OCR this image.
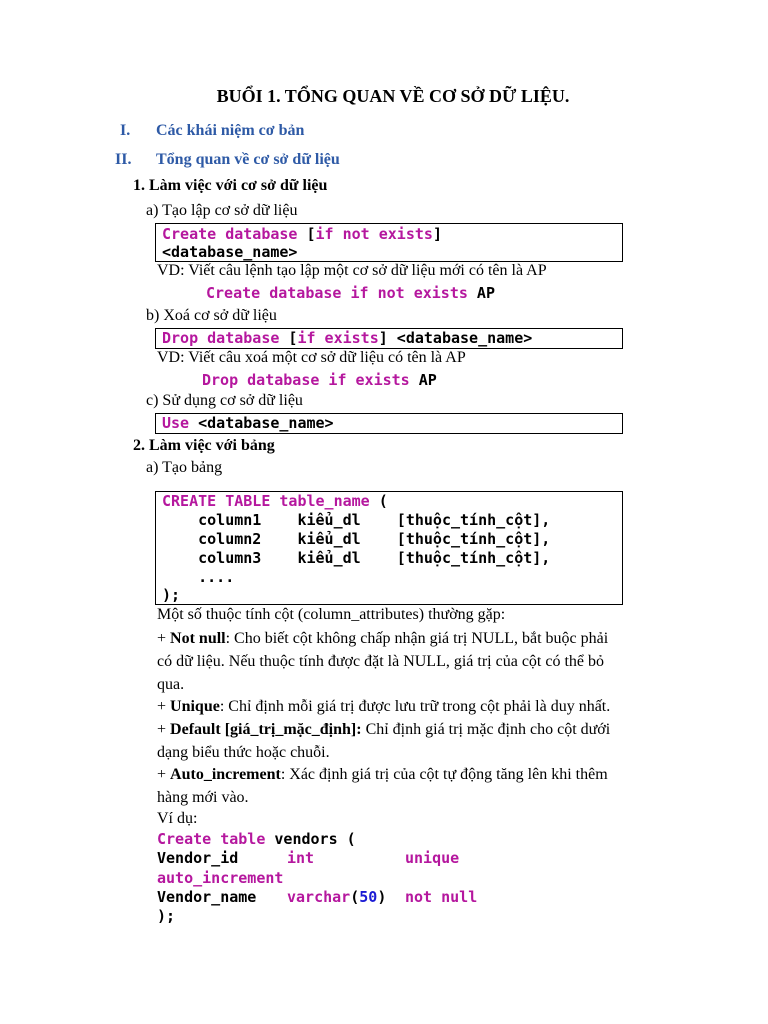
BUỔI 1. TỔNG QUAN VỀ CƠ SỞ DỮ LIỆU.
I. Các khái niệm cơ bản
II. Tổng quan về cơ sở dữ liệu
1. Làm việc với cơ sở dữ liệu
a) Tạo lập cơ sở dữ liệu
Create database [if not exists]
<database_name>
VD: Viết câu lệnh tạo lập một cơ sở dữ liệu mới có tên là AP
Create database if not exists AP
b) Xoá cơ sở dữ liệu
Drop database [if exists] <database_name>
VD: Viết câu xoá một cơ sở dữ liệu có tên là AP
Drop database if exists AP
c) Sử dụng cơ sở dữ liệu
Use <database_name>
2. Làm việc với bảng
a) Tạo bảng
CREATE TABLE table_name (
column1    kiểu_dl    [thuộc_tính_cột],
column2    kiểu_dl    [thuộc_tính_cột],
column3    kiểu_dl    [thuộc_tính_cột],
....
);
Một số thuộc tính cột (column_attributes) thường gặp:
+ Not null: Cho biết cột không chấp nhận giá trị NULL, bắt buộc phải
có dữ liệu. Nếu thuộc tính được đặt là NULL, giá trị của cột có thể bỏ
qua.
+ Unique: Chỉ định mỗi giá trị được lưu trữ trong cột phải là duy nhất.
+ Default [giá_trị_mặc_định]: Chỉ định giá trị mặc định cho cột dưới
dạng biểu thức hoặc chuỗi.
+ Auto_increment: Xác định giá trị của cột tự động tăng lên khi thêm
hàng mới vào.
Ví dụ:
Create table vendors (
Vendor_id	int	unique
auto_increment
Vendor_name varchar(50) not null
);
